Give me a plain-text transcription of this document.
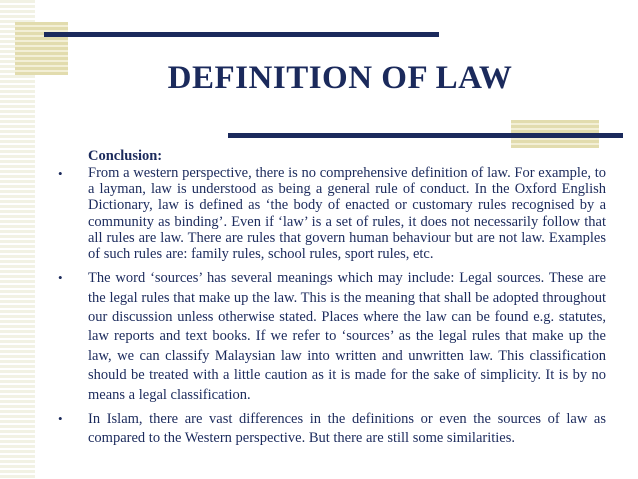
DEFINITION OF LAW
Conclusion:
•	From a western perspective, there is no comprehensive definition of law. For example, to a layman, law is understood as being a general rule of conduct. In the Oxford English Dictionary, law is defined as ‘the body of enacted or customary rules recognised by a community as binding’. Even if ‘law’ is a set of rules, it does not necessarily follow that all rules are law. There are rules that govern human behaviour but are not law. Examples of such rules are: family rules, school rules, sport rules, etc.
•	The word ‘sources’ has several meanings which may include: Legal sources. These are the legal rules that make up the law. This is the meaning that shall be adopted throughout our discussion unless otherwise stated. Places where the law can be found e.g. statutes, law reports and text books. If we refer to ‘sources’ as the legal rules that make up the law, we can classify Malaysian law into written and unwritten law. This classification should be treated with a little caution as it is made for the sake of simplicity. It is by no means a legal classification.
•	In Islam, there are vast differences in the definitions or even the sources of law as compared to the Western perspective. But there are still some similarities.
